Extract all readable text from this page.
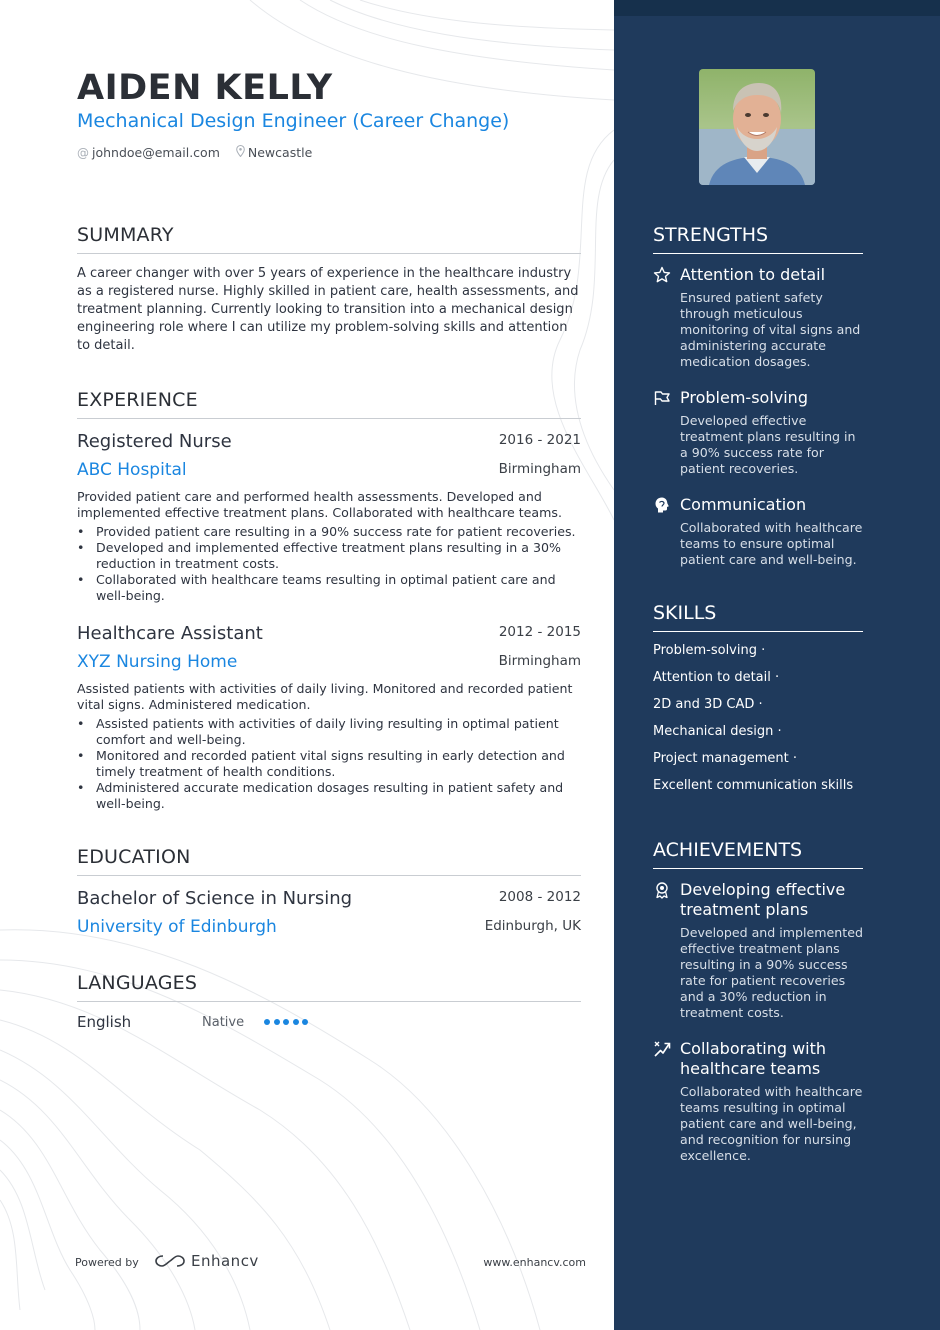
AIDEN KELLY
Mechanical Design Engineer (Career Change)
@ johndoe@email.com Newcastle
SUMMARY
A career changer with over 5 years of experience in the healthcare industry as a registered nurse. Highly skilled in patient care, health assessments, and treatment planning. Currently looking to transition into a mechanical design engineering role where I can utilize my problem-solving skills and attention to detail.
EXPERIENCE
Registered Nurse	2016 - 2021
ABC Hospital	Birmingham
Provided patient care and performed health assessments. Developed and implemented effective treatment plans. Collaborated with healthcare teams.
• Provided patient care resulting in a 90% success rate for patient recoveries.
• Developed and implemented effective treatment plans resulting in a 30% reduction in treatment costs.
• Collaborated with healthcare teams resulting in optimal patient care and well-being.
Healthcare Assistant	2012 - 2015
XYZ Nursing Home	Birmingham
Assisted patients with activities of daily living. Monitored and recorded patient vital signs. Administered medication.
• Assisted patients with activities of daily living resulting in optimal patient comfort and well-being.
• Monitored and recorded patient vital signs resulting in early detection and timely treatment of health conditions.
• Administered accurate medication dosages resulting in patient safety and well-being.
EDUCATION
Bachelor of Science in Nursing	2008 - 2012
University of Edinburgh	Edinburgh, UK
LANGUAGES
English	Native
Powered by	Enhancv	www.enhancv.com
STRENGTHS
Attention to detail
Ensured patient safety through meticulous monitoring of vital signs and administering accurate medication dosages.
Problem-solving
Developed effective treatment plans resulting in a 90% success rate for patient recoveries.
Communication
Collaborated with healthcare teams to ensure optimal patient care and well-being.
SKILLS
Problem-solving ·
Attention to detail ·
2D and 3D CAD ·
Mechanical design ·
Project management ·
Excellent communication skills
ACHIEVEMENTS
Developing effective treatment plans
Developed and implemented effective treatment plans resulting in a 90% success rate for patient recoveries and a 30% reduction in treatment costs.
Collaborating with healthcare teams
Collaborated with healthcare teams resulting in optimal patient care and well-being, and recognition for nursing excellence.
